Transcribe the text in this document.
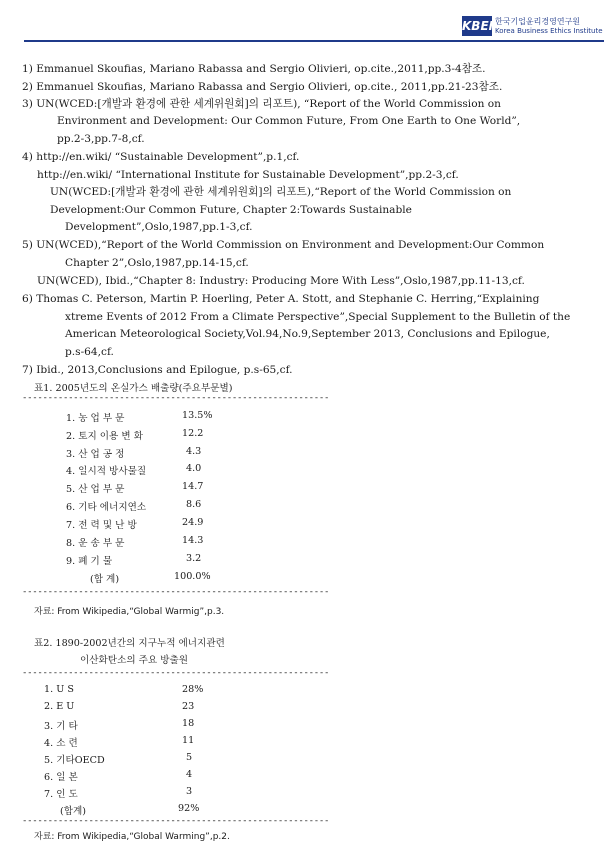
KBEI 한국기업윤리경영연구원
Korea Business Ethics Institute
1) Emmanuel Skoufias, Mariano Rabassa and Sergio Olivieri, op.cite.,2011,pp.3-4참조.
2) Emmanuel Skoufias, Mariano Rabassa and Sergio Olivieri, op.cite., 2011,pp.21-23참조.
3) UN(WCED:[개발과 환경에 관한 세계위원회]의 리포트), “Report of the World Commission on
Environment and Development: Our Common Future, From One Earth to One World”,
pp.2-3,pp.7-8,cf.
4) http://en.wiki/ “Sustainable Development”,p.1,cf.
http://en.wiki/ “International Institute for Sustainable Development”,pp.2-3,cf.
UN(WCED:[개발과 환경에 관한 세계위원회]의 리포트),“Report of the World Commission on
Development:Our Common Future, Chapter 2:Towards Sustainable
Development”,Oslo,1987,pp.1-3,cf.
5) UN(WCED),“Report of the World Commission on Environment and Development:Our Common
Chapter 2”,Oslo,1987,pp.14-15,cf.
UN(WCED), Ibid.,“Chapter 8: Industry: Producing More With Less”,Oslo,1987,pp.11-13,cf.
6) Thomas C. Peterson, Martin P. Hoerling, Peter A. Stott, and Stephanie C. Herring,“Explaining
xtreme Events of 2012 From a Climate Perspective”,Special Supplement to the Bulletin of the
American Meteorological Society,Vol.94,No.9,September 2013, Conclusions and Epilogue,
p.s-64,cf.
7) Ibid., 2013,Conclusions and Epilogue, p.s-65,cf.
표1. 2005년도의 온실가스 배출량(주요부문별)
------------------------------------------------------------
1. 농 업 부 문	13.5%
2. 토지 이용 변 화	12.2
3. 산 업 공 정	4.3
4. 일시적 방사물질	4.0
5. 산 업 부 문	14.7
6. 기타 에너지연소	8.6
7. 전 력 및 난 방	24.9
8. 운 송 부 문	14.3
9. 폐 기 물	3.2
(합 계)	100.0%
------------------------------------------------------------
자료: From Wikipedia,“Global Warmig”,p.3.
표2. 1890-2002년간의 지구누적 에너지관련
이산화탄소의 주요 방출원
------------------------------------------------------------
1. U S	28%
2. E U	23
3. 기 타	18
4. 소 련	11
5. 기타OECD	5
6. 일 본	4
7. 인 도	3
(합계)	92%
------------------------------------------------------------
자료: From Wikipedia,“Global Warming”,p.2.
